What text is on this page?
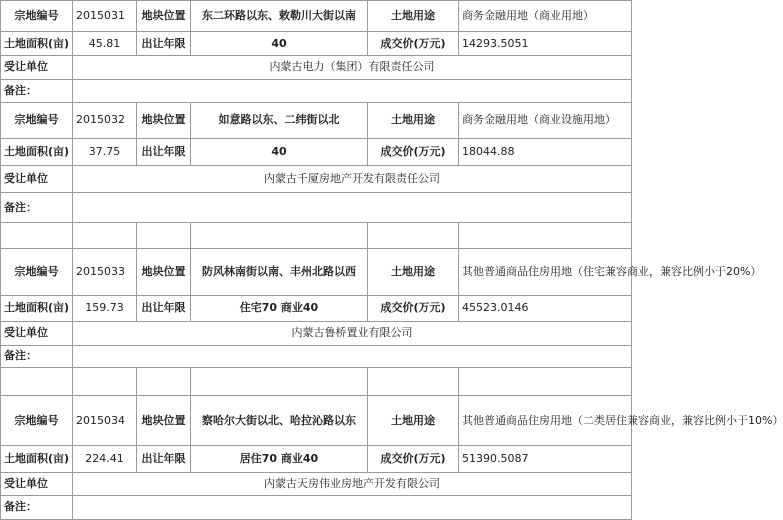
宗地编号	2015031	地块位置	东二环路以东、敕勒川大街以南	土地用途	商务金融用地（商业用地）
土地面积(亩)	45.81	出让年限	40	成交价(万元)	14293.5051
受让单位	内蒙古电力（集团）有限责任公司				
备注：					
宗地编号	2015032	地块位置	如意路以东、二纬街以北	土地用途	商务金融用地（商业设施用地）
土地面积(亩)	37.75	出让年限	40	成交价(万元)	18044.88
受让单位	内蒙古千厦房地产开发有限责任公司				
备注：					

宗地编号	2015033	地块位置	防风林南街以南、丰州北路以西	土地用途	其他普通商品住房用地（住宅兼容商业，兼容比例小于20%）
土地面积(亩)	159.73	出让年限	住宅70 商业40	成交价(万元)	45523.0146
受让单位	内蒙古鲁桥置业有限公司				
备注：					

宗地编号	2015034	地块位置	察哈尔大街以北、哈拉沁路以东	土地用途	其他普通商品住房用地（二类居住兼容商业，兼容比例小于10%）
土地面积(亩)	224.41	出让年限	居住70 商业40	成交价(万元)	51390.5087
受让单位	内蒙古天房伟业房地产开发有限公司				
备注：					
